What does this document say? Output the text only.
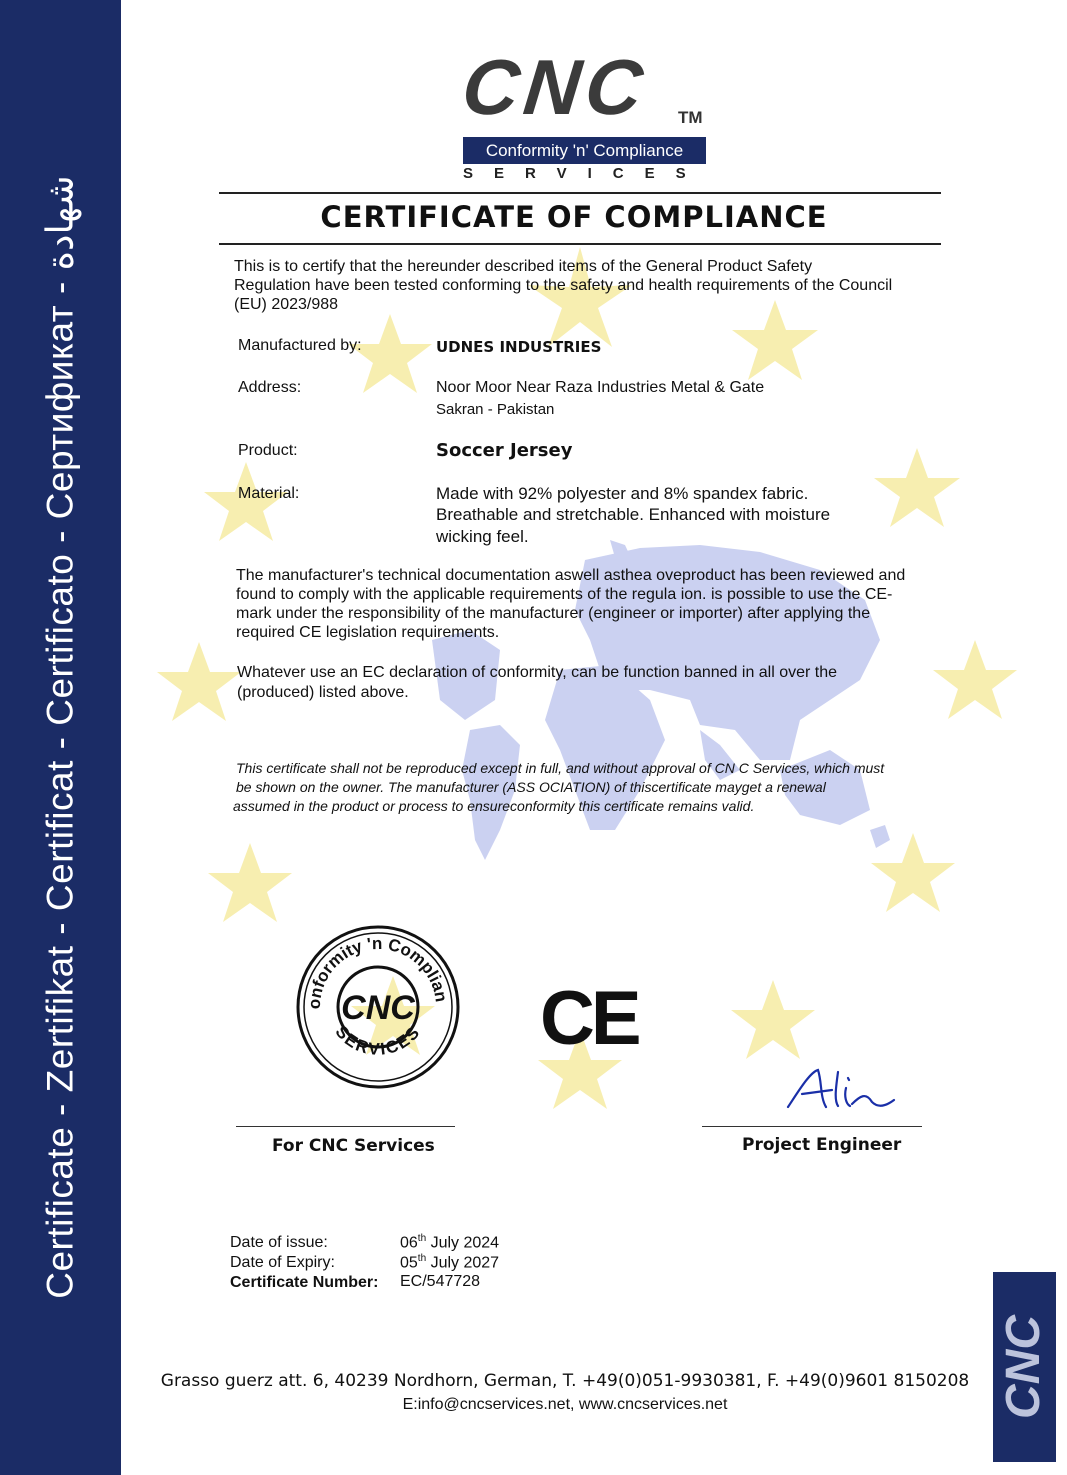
Certificate - Zertifikat - Certificat - Certificato - Сертификат - شهادة
CNC
CNC TM
Conformity 'n' Compliance
SERVICES
CERTIFICATE OF COMPLIANCE
This is to certify that the hereunder described items of the General Product Safety
Regulation have been tested conforming to the safety and health requirements of the Council
(EU) 2023/988
Manufactured by:	UDNES INDUSTRIES
Address:	Noor Moor Near Raza Industries Metal & Gate
Sakran - Pakistan
Product:	Soccer Jersey
Material:	Made with 92% polyester and 8% spandex fabric.
Breathable and stretchable. Enhanced with moisture
wicking feel.
The manufacturer's technical documentation aswell asthea oveproduct has been reviewed and
found to comply with the applicable requirements of the regula ion. is possible to use the CE-
mark under the responsibility of the manufacturer (engineer or importer) after applying the
required CE legislation requirements.
Whatever use an EC declaration of conformity, can be function banned in all over the
(produced) listed above.
This certificate shall not be reproduced except in full, and without approval of CN C Services, which must
be shown on the owner. The manufacturer (ASS OCIATION) of thiscertificate mayget a renewal
assumed in the product or process to ensureconformity this certificate remains valid.
onformity 'n Complian
SERVICES
CNC CE
For CNC Services	Project Engineer
Date of issue:	06th July 2024
Date of Expiry:	05th July 2027
Certificate Number: EC/547728
Grasso guerz att. 6, 40239 Nordhorn, German, T. +49(0)051-9930381, F. +49(0)9601 8150208
E:info@cncservices.net, www.cncservices.net
